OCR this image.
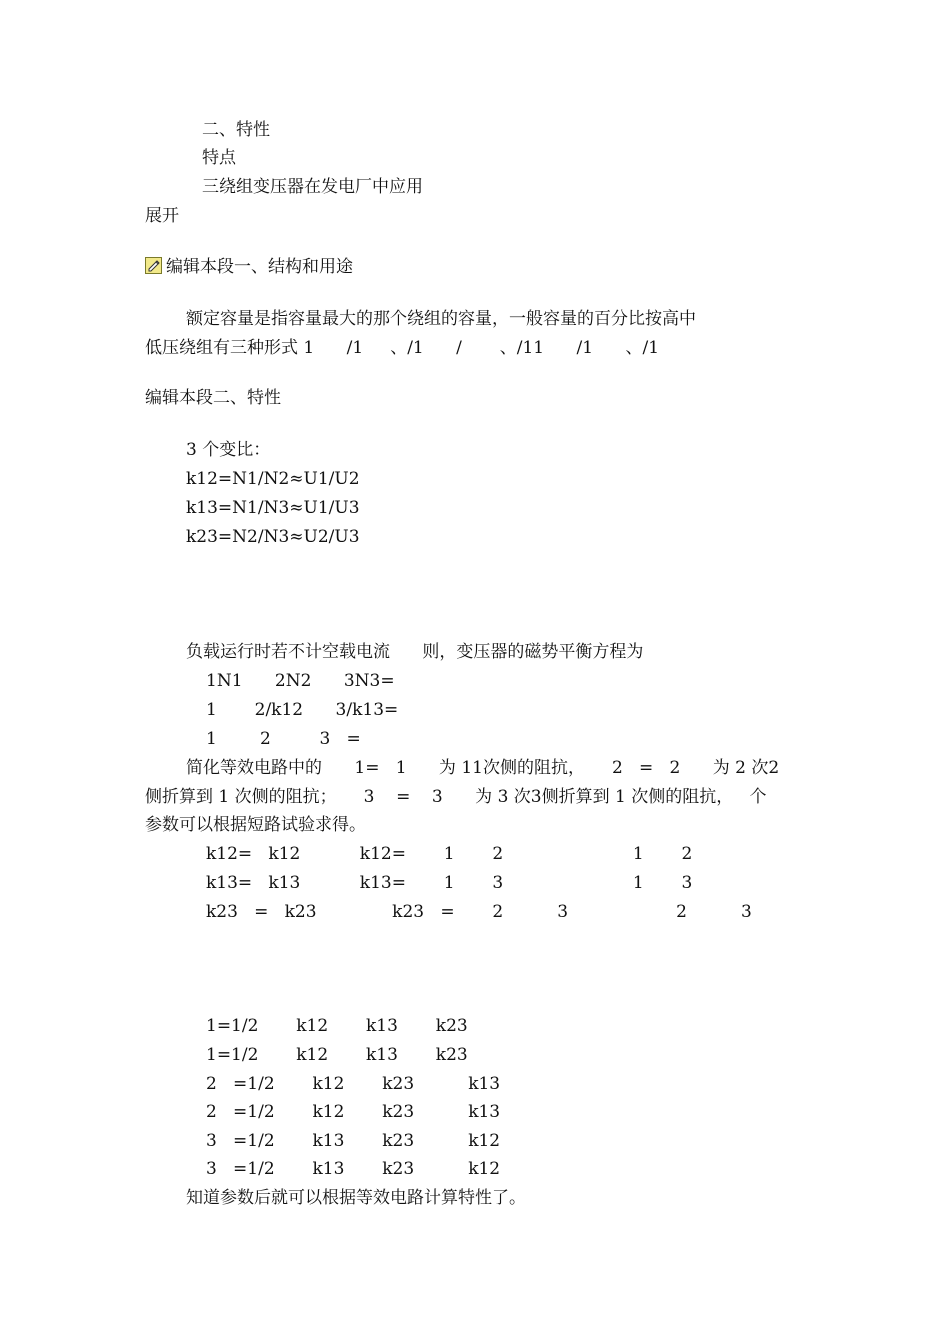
二、特性
特点
三绕组变压器在发电厂中应用
展开
编辑本段一、结构和用途
额定容量是指容量最大的那个绕组的容量，一般容量的百分比按高中
低压绕组有三种形式 1      /1     、/1      /       、/11      /1      、/1
编辑本段二、特性
3 个变比：
k12=N1/N2≈U1/U2
k13=N1/N3≈U1/U3
k23=N2/N3≈U2/U3
负载运行时若不计空载电流      则，变压器的磁势平衡方程为
1N1      2N2      3N3=
1       2/k12      3/k13=
1        2         3   =
简化等效电路中的      1=   1      为 11次侧的阻抗，     2   =   2      为 2 次2
侧折算到 1 次侧的阻抗；     3    =    3      为 3 次3侧折算到 1 次侧的阻抗，   个
参数可以根据短路试验求得。
k12=   k12           k12=       1       2                        1       2
k13=   k13           k13=       1       3                        1       3
k23   =   k23              k23   =       2          3                    2          3
1=1/2       k12       k13       k23
1=1/2       k12       k13       k23
2   =1/2       k12       k23          k13
2   =1/2       k12       k23          k13
3   =1/2       k13       k23          k12
3   =1/2       k13       k23          k12
知道参数后就可以根据等效电路计算特性了。
